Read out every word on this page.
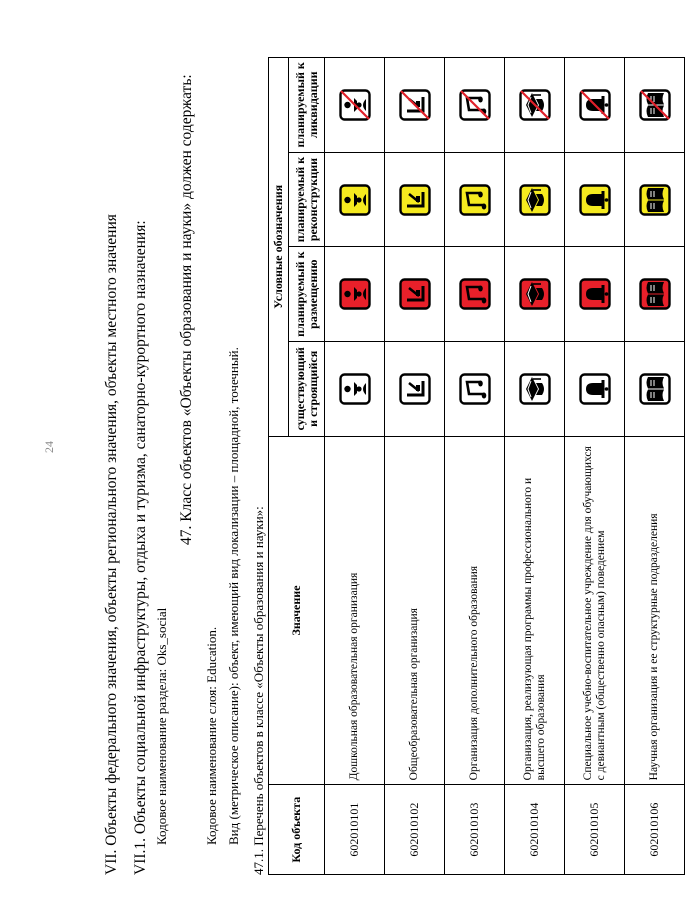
24	VII. Объекты федерального значения, объекты регионального значения, объекты местного значения VII.1. Объекты социальной инфраструктуры, отдыха и туризма, санаторно-курортного назначения: Кодовое наименование раздела: Oks_social
47. Класс объектов «Объекты образования и науки» должен содержать:
Кодовое наименование слоя: Education. Вид (метрическое описание): объект, имеющий вид локализации – площадной, точечный. 47.1. Перечень объектов в классе «Объекты образования и науки»: Код объекта	Значение	Условные обозначения			
		существующий и строящийся	планируемый к размещению	планируемый к реконструкции	планируемый к ликвидации
602010101	Дошкольная образовательная организация				
602010102	Общеобразовательная организация				
602010103	Организация дополнительного образования				
602010104	Организация, реализующая программы профессионального и высшего образования				
602010105	Специальное учебно-воспитательное учреждение для обучающихся с девиантным (общественно опасным) поведением				
602010106	Научная организация и ее структурные подразделения				
